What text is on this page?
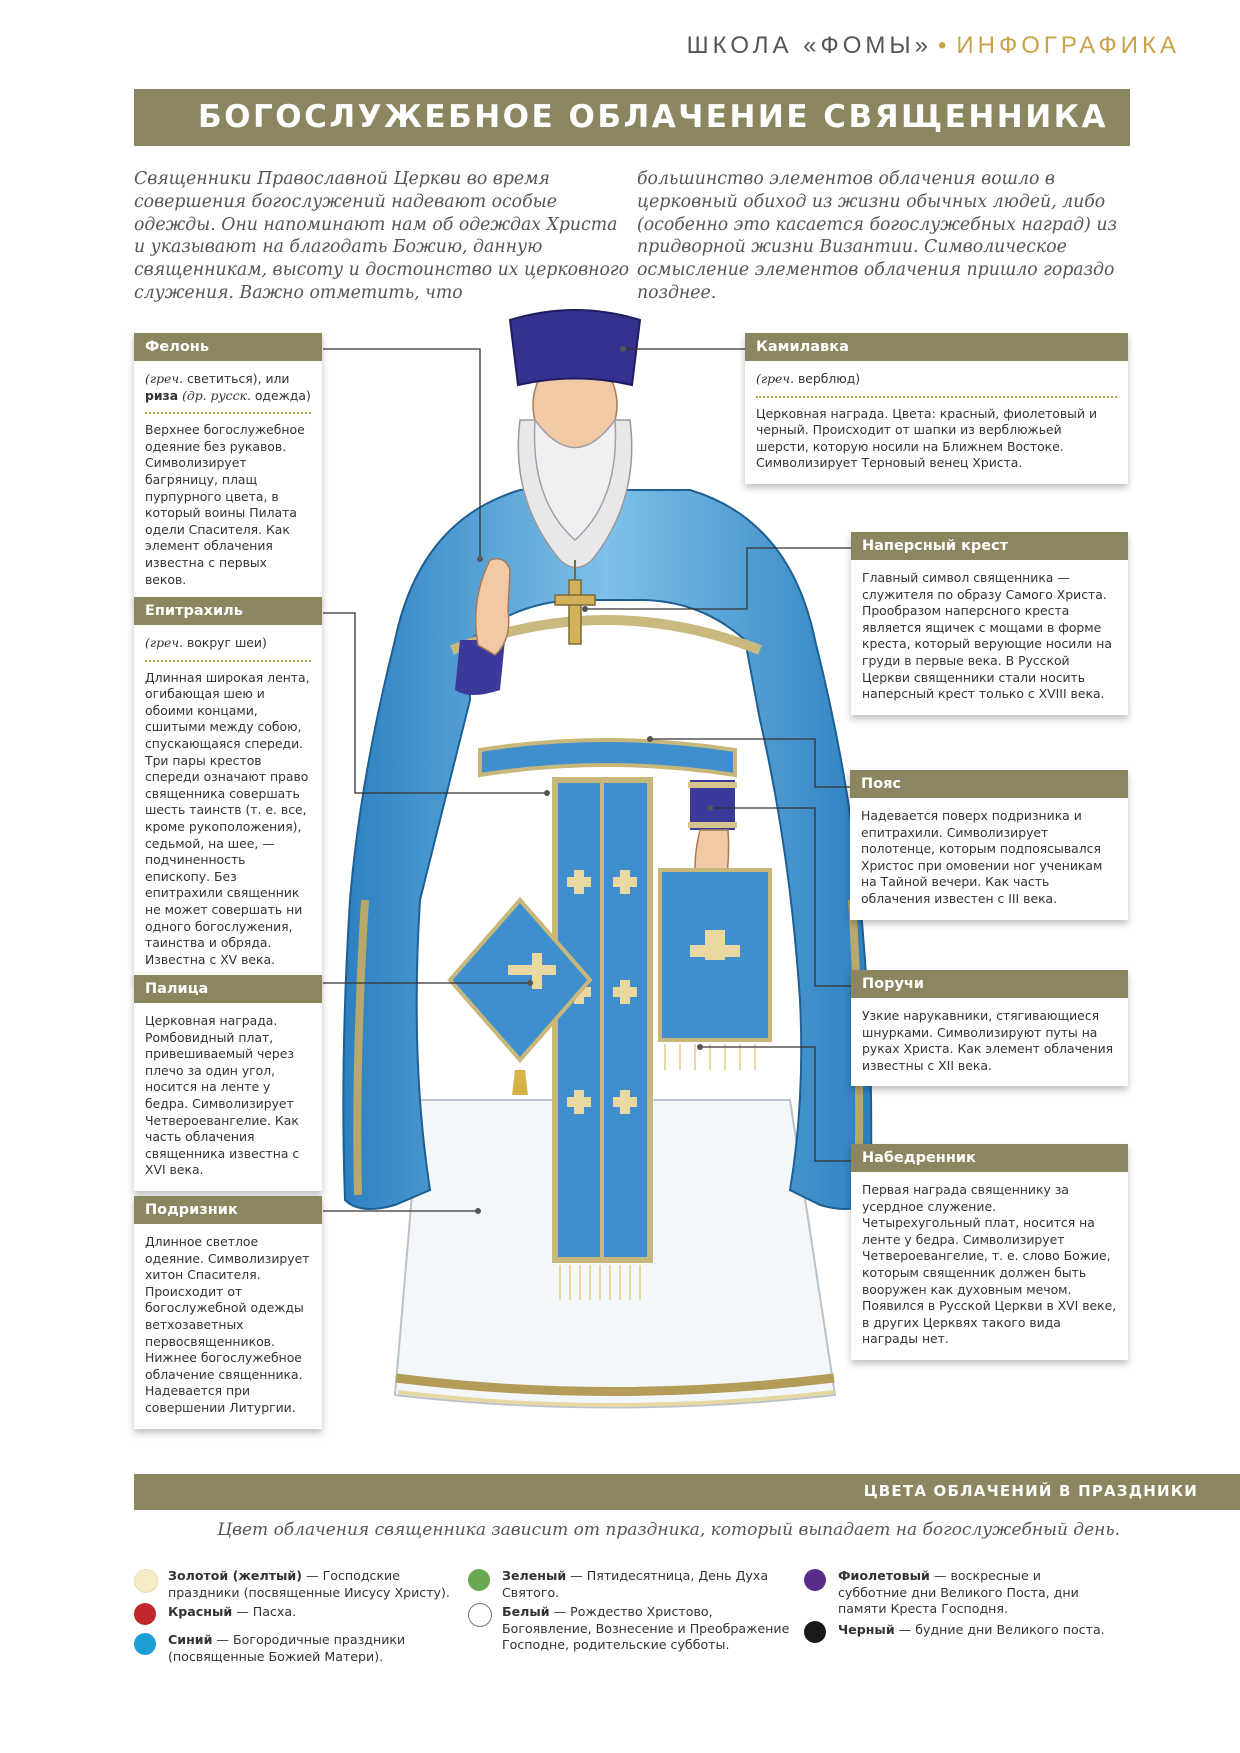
ШКОЛА «ФОМЫ» • ИНФОГРАФИКА
БОГОСЛУЖЕБНОЕ ОБЛАЧЕНИЕ СВЯЩЕННИКА
Священники Православной Церкви во время совершения богослужений надевают особые одежды. Они напоминают нам об одеждах Христа и указывают на благодать Божию, данную священникам, высоту и достоинство их церковного служения. Важно отметить, что
большинство элементов облачения вошло в церковный обиход из жизни обычных людей, либо (особенно это касается богослужебных наград) из придворной жизни Византии. Символическое осмысление элементов облачения пришло гораздо позднее.
Фелонь
(греч. светиться), или
риза (др. русск. одежда)
Верхнее богослужебное одеяние без рукавов. Символизирует багряницу, плащ пурпурного цвета, в который воины Пилата одели Спасителя. Как элемент облачения известна с первых веков.
Епитрахиль
(греч. вокруг шеи)
Длинная широкая лента, огибающая шею и обоими концами, сшитыми между собою, спускающаяся спереди. Три пары крестов спереди означают право священника совершать шесть таинств (т. е. все, кроме рукоположения), седьмой, на шее, — подчиненность епископу. Без епитрахили священник не может совершать ни одного богослужения, таинства и обряда. Известна с XV века.
Палица
Церковная награда. Ромбовидный плат, привешиваемый через плечо за один угол, носится на ленте у бедра. Символизирует Четвероевангелие. Как часть облачения священника известна с XVI века.
Подризник
Длинное светлое одеяние. Символизирует хитон Спасителя. Происходит от богослужебной одежды ветхозаветных первосвященников. Нижнее богослужебное облачение священника. Надевается при совершении Литургии.
Камилавка
(греч. верблюд)
Церковная награда. Цвета: красный, фиолетовый и черный. Происходит от шапки из верблюжьей шерсти, которую носили на Ближнем Востоке. Символизирует Терновый венец Христа.
Наперсный крест
Главный символ священника — служителя по образу Самого Христа. Прообразом наперсного креста является ящичек с мощами в форме креста, который верующие носили на груди в первые века. В Русской Церкви священники стали носить наперсный крест только с XVIII века.
Пояс
Надевается поверх подризника и епитрахили. Символизирует полотенце, которым подпоясывался Христос при омовении ног ученикам на Тайной вечери. Как часть облачения известен с III века.
Поручи
Узкие нарукавники, стягивающиеся шнурками. Символизируют путы на руках Христа. Как элемент облачения известны с XII века.
Набедренник
Первая награда священнику за усердное служение. Четырехугольный плат, носится на ленте у бедра. Символизирует Четвероевангелие, т. е. слово Божие, которым священник должен быть вооружен как духовным мечом. Появился в Русской Церкви в XVI веке, в других Церквях такого вида награды нет.
ЦВЕТА ОБЛАЧЕНИЙ В ПРАЗДНИКИ
Цвет облачения священника зависит от праздника, который выпадает на богослужебный день.
Золотой (желтый) — Господские праздники (посвященные Иисусу Христу).
Красный — Пасха.
Синий — Богородичные праздники (посвященные Божией Матери).
Зеленый — Пятидесятница, День Духа Святого.
Белый — Рождество Христово, Богоявление, Вознесение и Преображение Господне, родительские субботы.
Фиолетовый — воскресные и субботние дни Великого Поста, дни памяти Креста Господня.
Черный — будние дни Великого поста.
